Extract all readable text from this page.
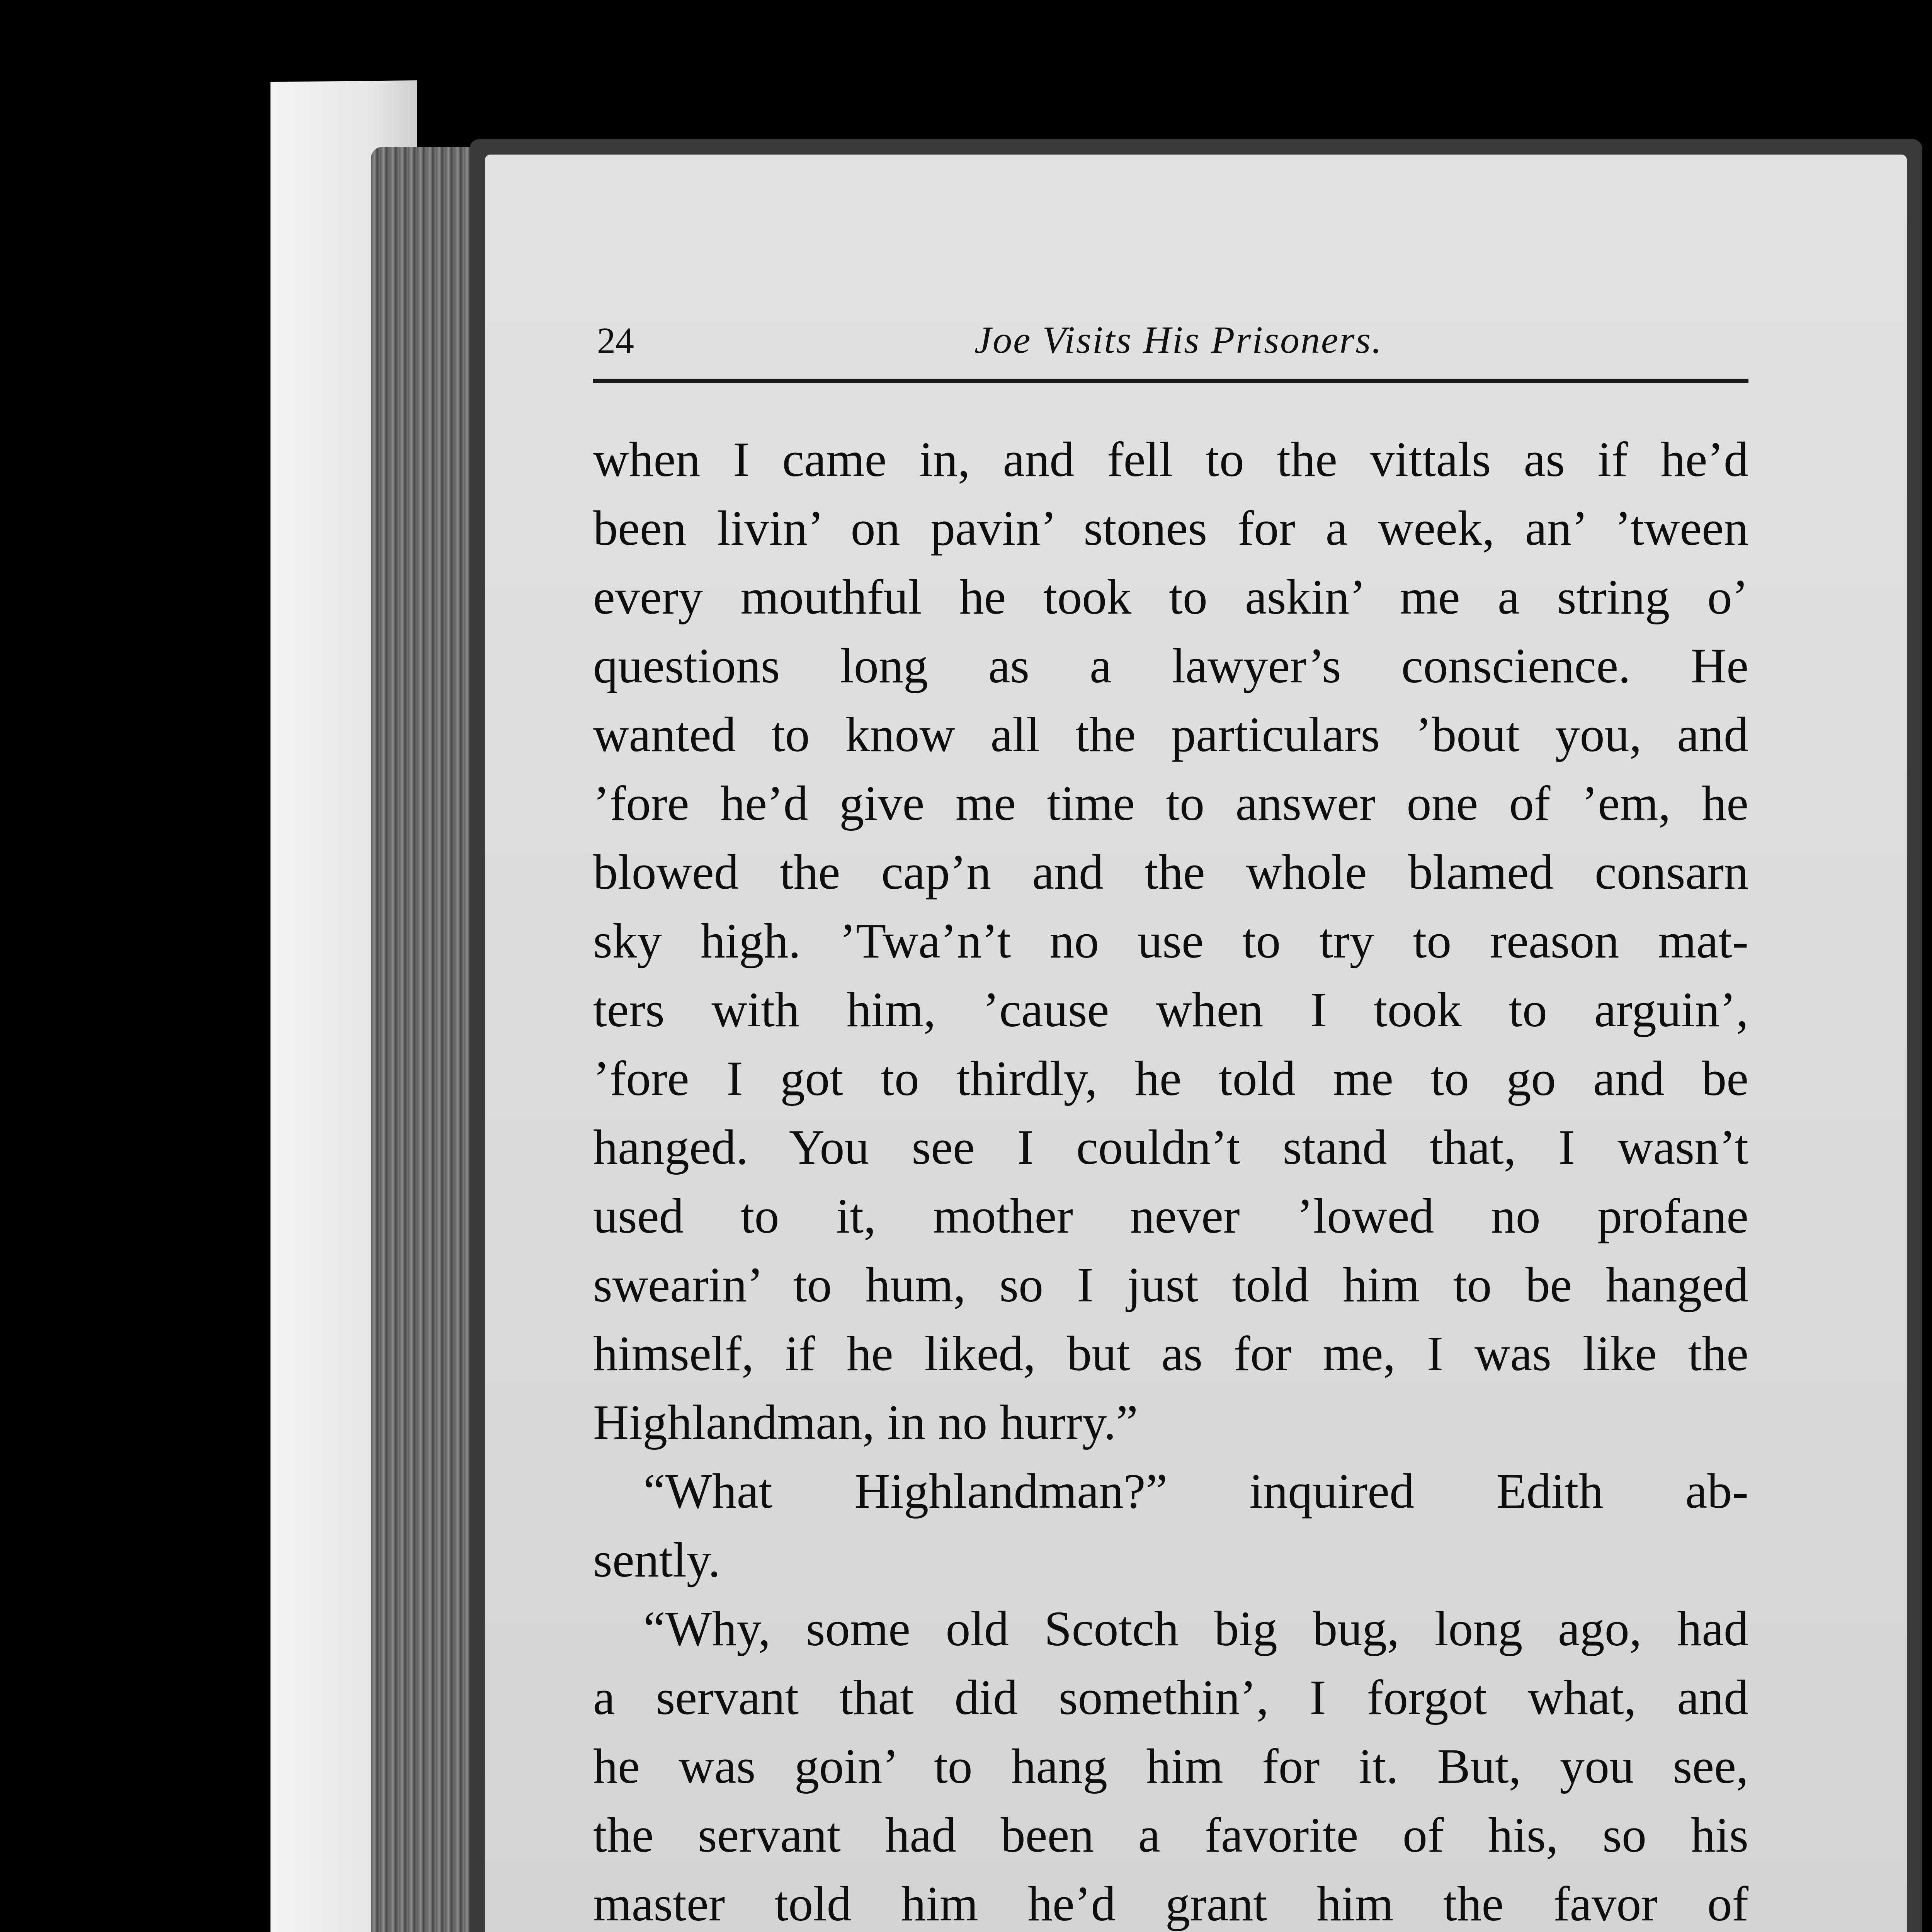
24	Joe Visits His Prisoners.
when I came in, and fell to the vittals as if he’d
been livin’ on pavin’ stones for a week, an’ ’tween
every mouthful he took to askin’ me a string o’
questions long as a lawyer’s conscience. He
wanted to know all the particulars ’bout you, and
’fore he’d give me time to answer one of ’em, he
blowed the cap’n and the whole blamed consarn
sky high. ’Twa’n’t no use to try to reason mat-
ters with him, ’cause when I took to arguin’,
’fore I got to thirdly, he told me to go and be
hanged. You see I couldn’t stand that, I wasn’t
used to it, mother never ’lowed no profane
swearin’ to hum, so I just told him to be hanged
himself, if he liked, but as for me, I was like the
Highlandman, in no hurry.”
“What Highlandman?” inquired Edith ab-
sently.
“Why, some old Scotch big bug, long ago, had
a servant that did somethin’, I forgot what, and
he was goin’ to hang him for it. But, you see,
the servant had been a favorite of his, so his
master told him he’d grant him the favor of
